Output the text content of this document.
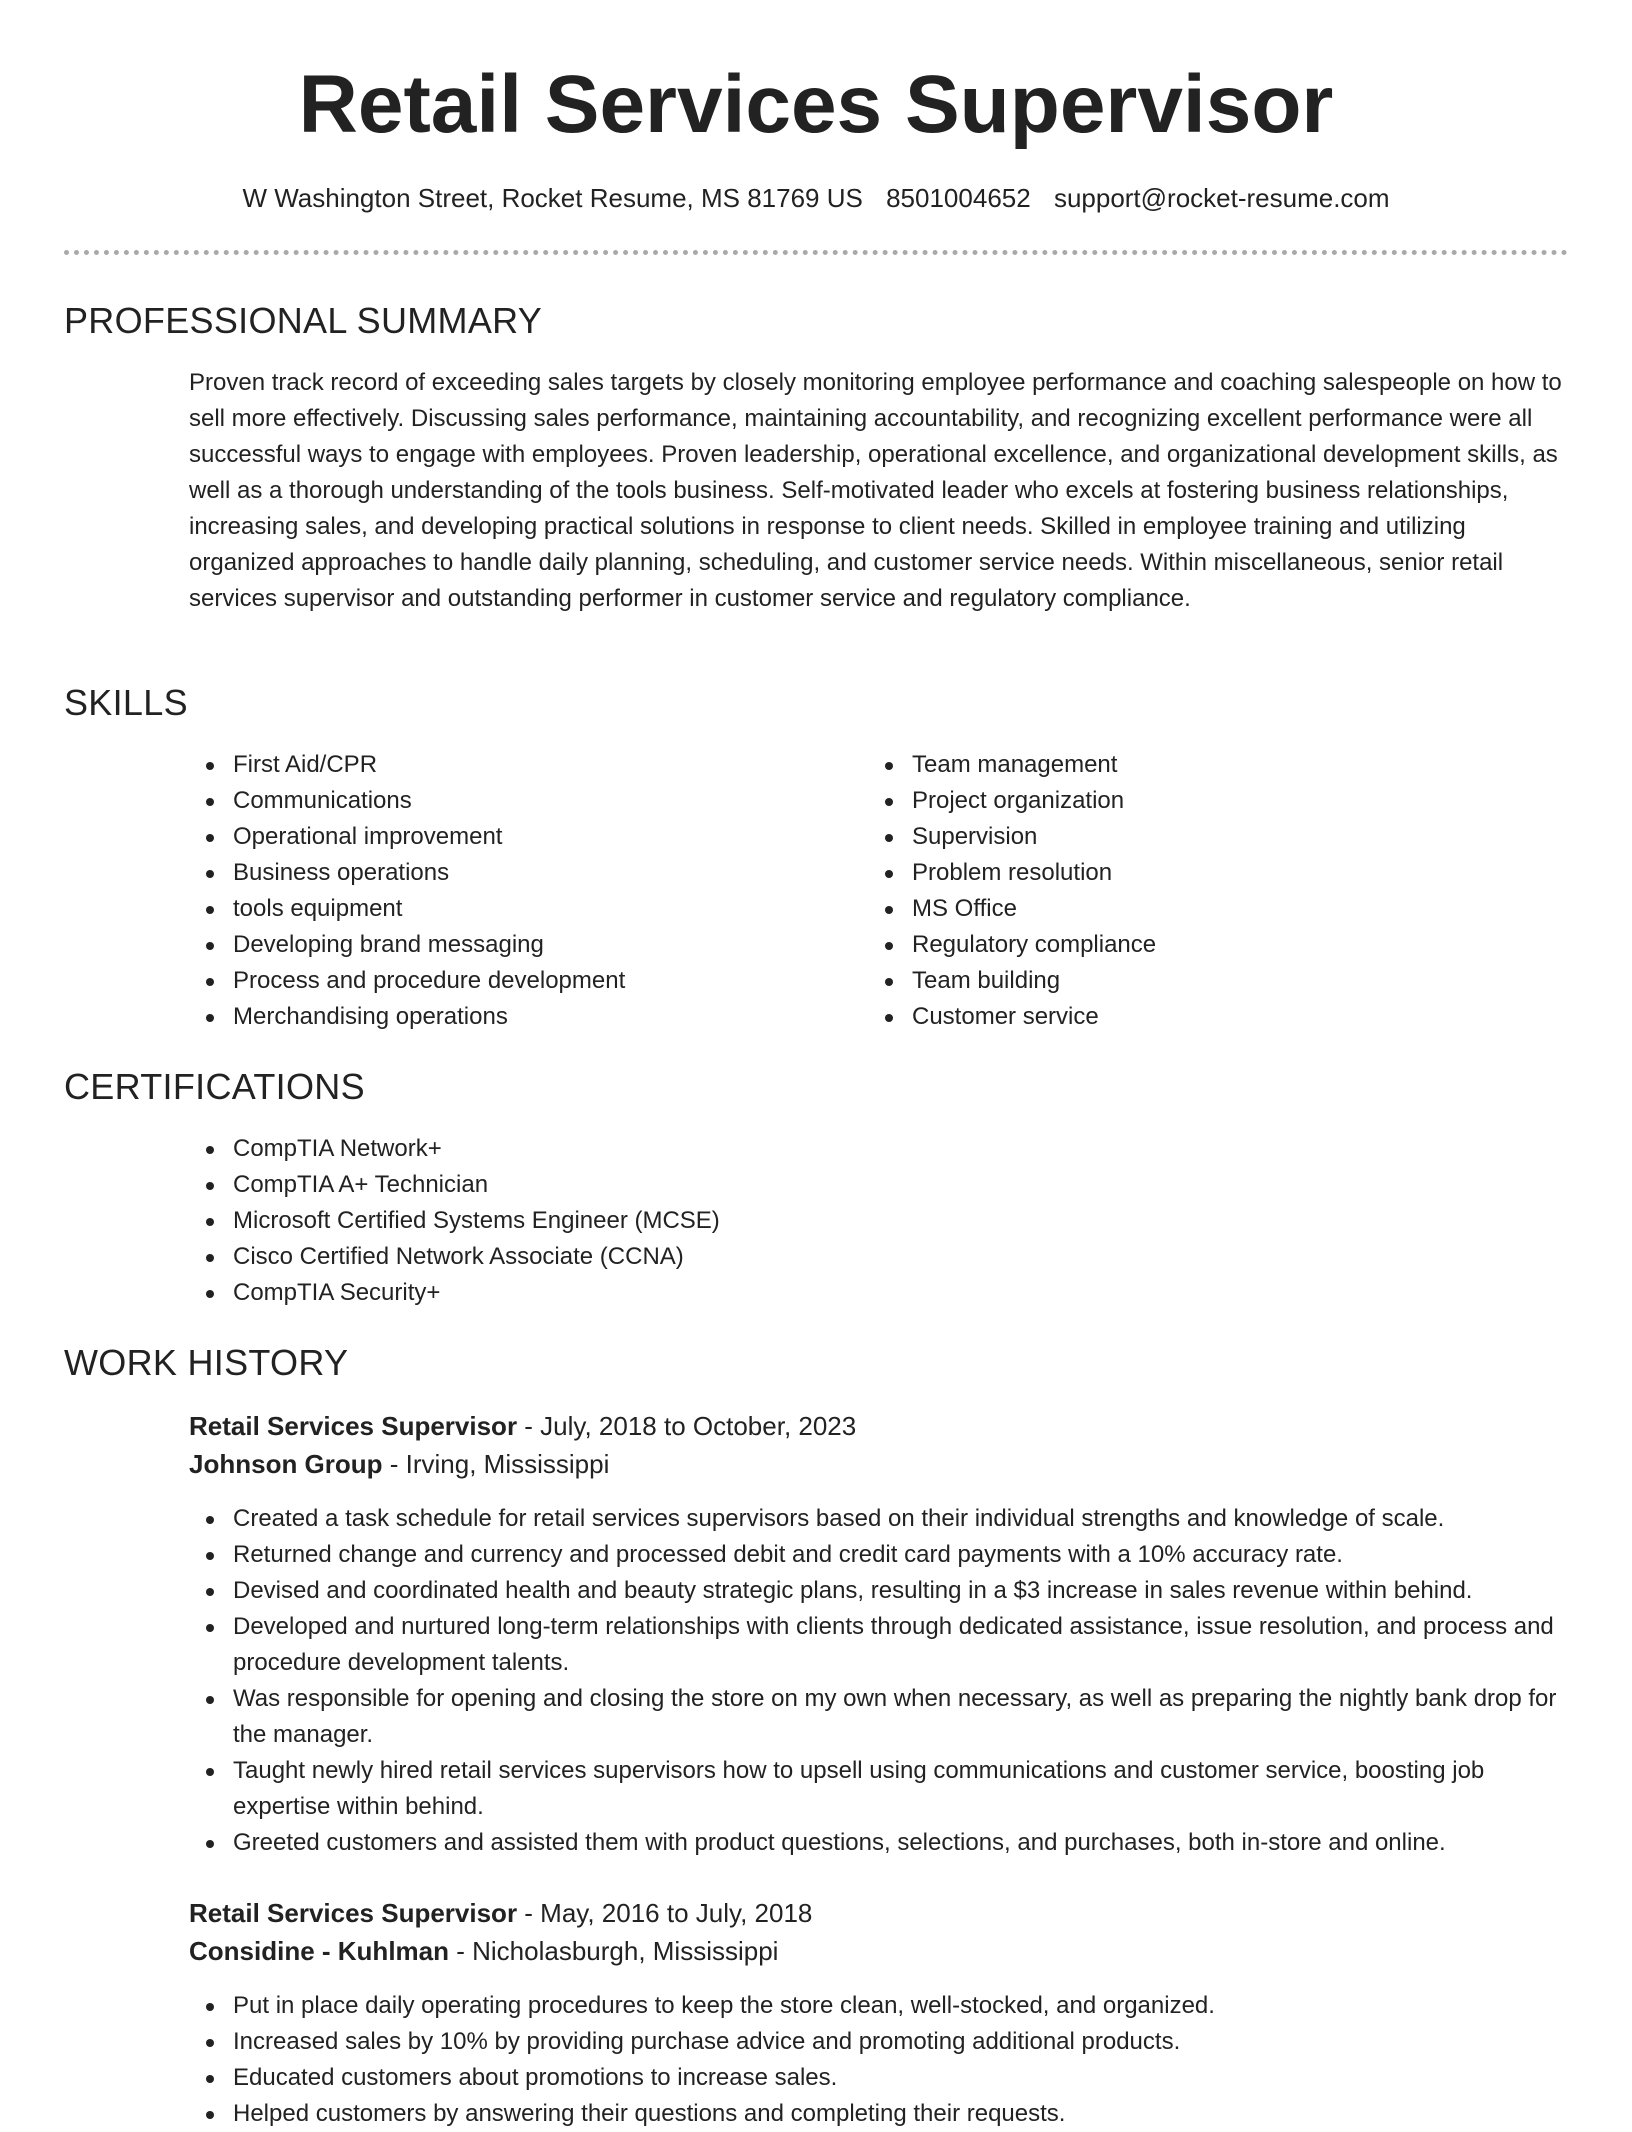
Retail Services Supervisor
W Washington Street, Rocket Resume, MS 81769 US 8501004652 support@rocket-resume.com
PROFESSIONAL SUMMARY

Proven track record of exceeding sales targets by closely monitoring employee performance and coaching salespeople on how to sell more effectively. Discussing sales performance, maintaining accountability, and recognizing excellent performance were all successful ways to engage with employees. Proven leadership, operational excellence, and organizational development skills, as well as a thorough understanding of the tools business. Self-motivated leader who excels at fostering business relationships, increasing sales, and developing practical solutions in response to client needs. Skilled in employee training and utilizing organized approaches to handle daily planning, scheduling, and customer service needs. Within miscellaneous, senior retail services supervisor and outstanding performer in customer service and regulatory compliance.

SKILLS
First Aid/CPR
Communications
Operational improvement
Business operations
tools equipment
Developing brand messaging
Process and procedure development
Merchandising operations
Team management
Project organization
Supervision
Problem resolution
MS Office
Regulatory compliance
Team building
Customer service
CERTIFICATIONS
CompTIA Network+
CompTIA A+ Technician
Microsoft Certified Systems Engineer (MCSE)
Cisco Certified Network Associate (CCNA)
CompTIA Security+
WORK HISTORY
Retail Services Supervisor - July, 2018 to October, 2023
Johnson Group - Irving, Mississippi
Created a task schedule for retail services supervisors based on their individual strengths and knowledge of scale.
Returned change and currency and processed debit and credit card payments with a 10% accuracy rate.
Devised and coordinated health and beauty strategic plans, resulting in a $3 increase in sales revenue within behind.
Developed and nurtured long-term relationships with clients through dedicated assistance, issue resolution, and process and procedure development talents.
Was responsible for opening and closing the store on my own when necessary, as well as preparing the nightly bank drop for the manager.
Taught newly hired retail services supervisors how to upsell using communications and customer service, boosting job expertise within behind.
Greeted customers and assisted them with product questions, selections, and purchases, both in-store and online.
Retail Services Supervisor - May, 2016 to July, 2018
Considine - Kuhlman - Nicholasburgh, Mississippi
Put in place daily operating procedures to keep the store clean, well-stocked, and organized.
Increased sales by 10% by providing purchase advice and promoting additional products.
Educated customers about promotions to increase sales.
Helped customers by answering their questions and completing their requests.
